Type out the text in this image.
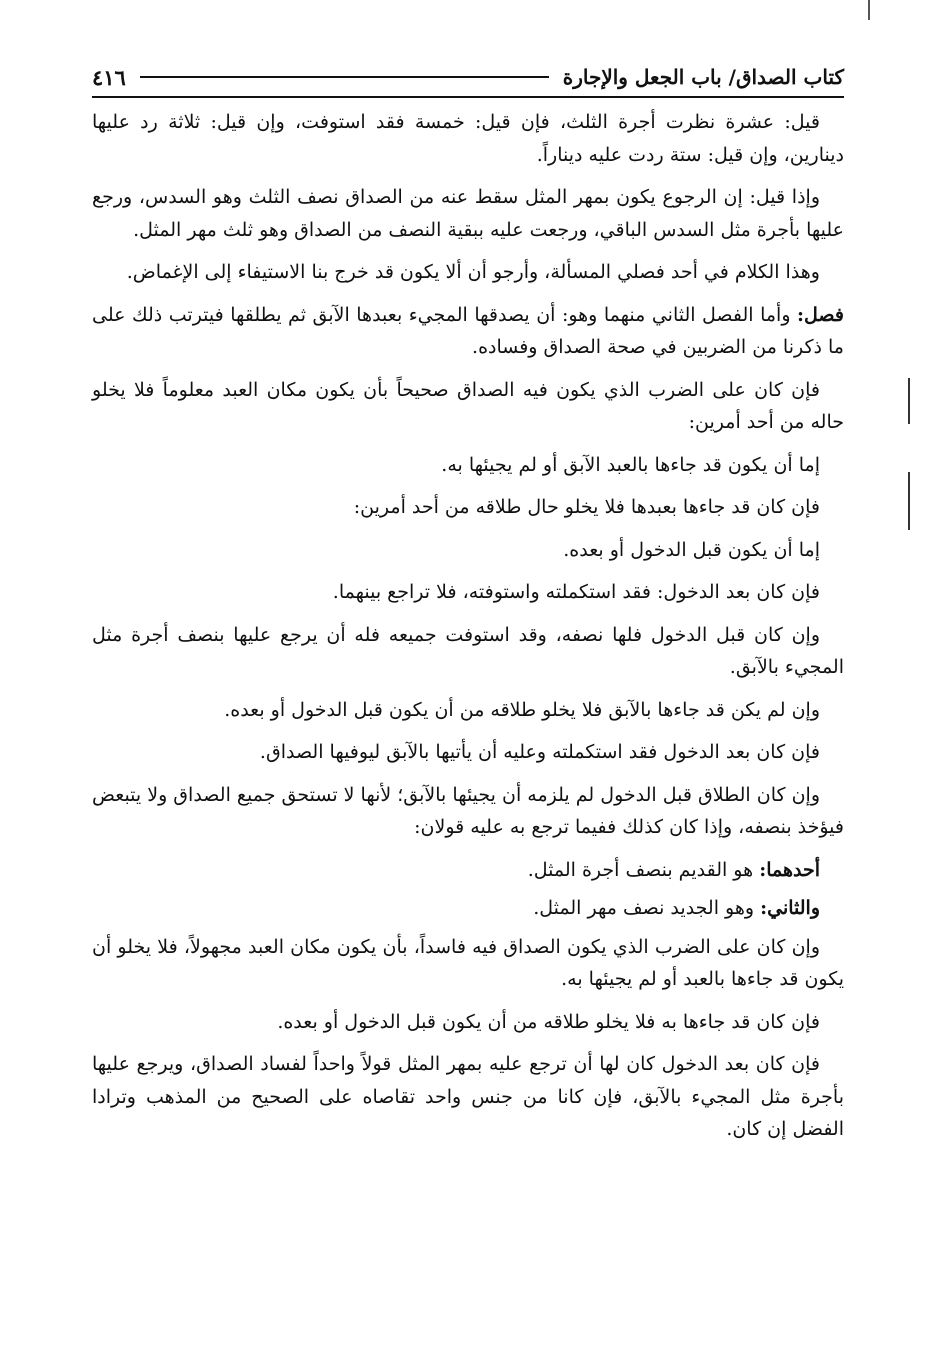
كتاب الصداق/ باب الجعل والإجارة
٤١٦

قيل: عشرة نظرت أجرة الثلث، فإن قيل: خمسة فقد استوفت، وإن قيل: ثلاثة رد عليها دينارين، وإن قيل: ستة ردت عليه ديناراً.

وإذا قيل: إن الرجوع يكون بمهر المثل سقط عنه من الصداق نصف الثلث وهو السدس، ورجع عليها بأجرة مثل السدس الباقي، ورجعت عليه ببقية النصف من الصداق وهو ثلث مهر المثل.

وهذا الكلام في أحد فصلي المسألة، وأرجو أن ألا يكون قد خرج بنا الاستيفاء إلى الإغماض.

فصل: وأما الفصل الثاني منهما وهو: أن يصدقها المجيء بعبدها الآبق ثم يطلقها فيترتب ذلك على ما ذكرنا من الضربين في صحة الصداق وفساده.

فإن كان على الضرب الذي يكون فيه الصداق صحيحاً بأن يكون مكان العبد معلوماً فلا يخلو حاله من أحد أمرين:

إما أن يكون قد جاءها بالعبد الآبق أو لم يجيئها به.

فإن كان قد جاءها بعبدها فلا يخلو حال طلاقه من أحد أمرين:

إما أن يكون قبل الدخول أو بعده.

فإن كان بعد الدخول: فقد استكملته واستوفته، فلا تراجع بينهما.

وإن كان قبل الدخول فلها نصفه، وقد استوفت جميعه فله أن يرجع عليها بنصف أجرة مثل المجيء بالآبق.

وإن لم يكن قد جاءها بالآبق فلا يخلو طلاقه من أن يكون قبل الدخول أو بعده.

فإن كان بعد الدخول فقد استكملته وعليه أن يأتيها بالآبق ليوفيها الصداق.

وإن كان الطلاق قبل الدخول لم يلزمه أن يجيئها بالآبق؛ لأنها لا تستحق جميع الصداق ولا يتبعض فيؤخذ بنصفه، وإذا كان كذلك ففيما ترجع به عليه قولان:

أحدهما: هو القديم بنصف أجرة المثل.

والثاني: وهو الجديد نصف مهر المثل.

وإن كان على الضرب الذي يكون الصداق فيه فاسداً، بأن يكون مكان العبد مجهولاً، فلا يخلو أن يكون قد جاءها بالعبد أو لم يجيئها به.

فإن كان قد جاءها به فلا يخلو طلاقه من أن يكون قبل الدخول أو بعده.

فإن كان بعد الدخول كان لها أن ترجع عليه بمهر المثل قولاً واحداً لفساد الصداق، ويرجع عليها بأجرة مثل المجيء بالآبق، فإن كانا من جنس واحد تقاصاه على الصحيح من المذهب وترادا الفضل إن كان.
